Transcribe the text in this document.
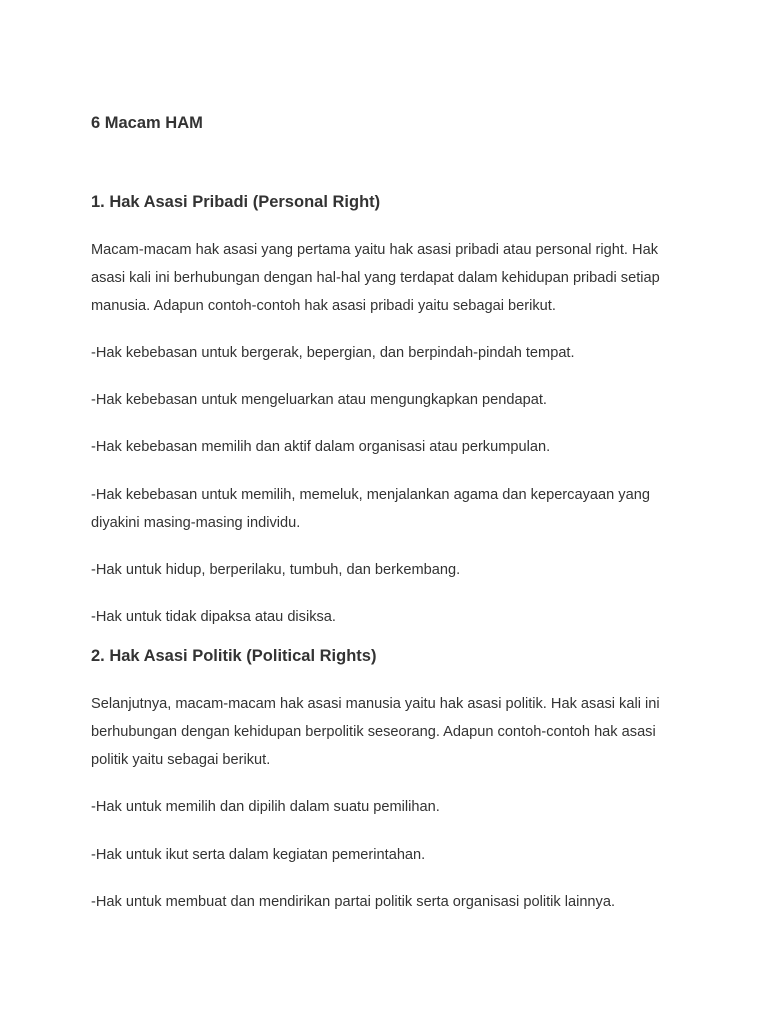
6 Macam HAM
1. Hak Asasi Pribadi (Personal Right)

Macam-macam hak asasi yang pertama yaitu hak asasi pribadi atau personal right. Hak asasi kali ini berhubungan dengan hal-hal yang terdapat dalam kehidupan pribadi setiap manusia. Adapun contoh-contoh hak asasi pribadi yaitu sebagai berikut.

-Hak kebebasan untuk bergerak, bepergian, dan berpindah-pindah tempat.

-Hak kebebasan untuk mengeluarkan atau mengungkapkan pendapat.

-Hak kebebasan memilih dan aktif dalam organisasi atau perkumpulan.

-Hak kebebasan untuk memilih, memeluk, menjalankan agama dan kepercayaan yang diyakini masing-masing individu.

-Hak untuk hidup, berperilaku, tumbuh, dan berkembang.

-Hak untuk tidak dipaksa atau disiksa.

2. Hak Asasi Politik (Political Rights)

Selanjutnya, macam-macam hak asasi manusia yaitu hak asasi politik. Hak asasi kali ini berhubungan dengan kehidupan berpolitik seseorang. Adapun contoh-contoh hak asasi politik yaitu sebagai berikut.

-Hak untuk memilih dan dipilih dalam suatu pemilihan.

-Hak untuk ikut serta dalam kegiatan pemerintahan.

-Hak untuk membuat dan mendirikan partai politik serta organisasi politik lainnya.
